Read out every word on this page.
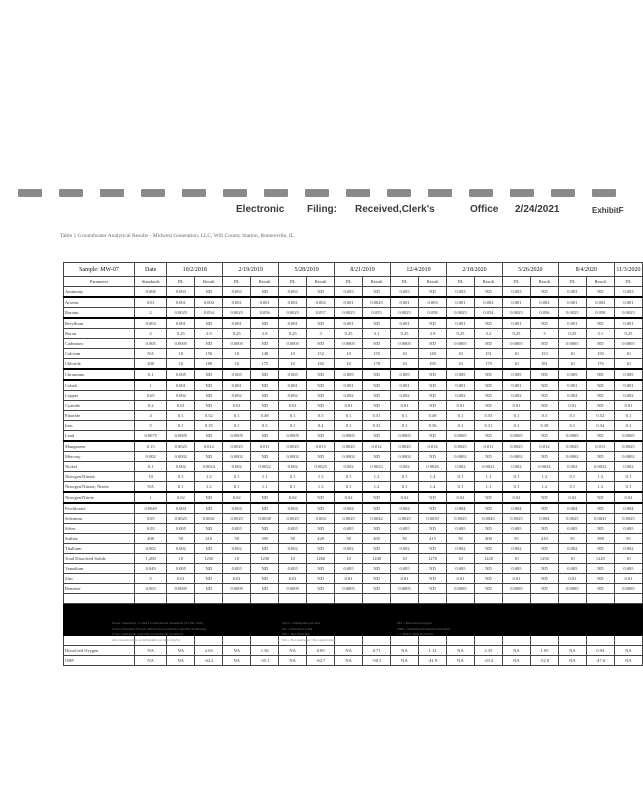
Electronic Filing: Received,Clerk's	Office 2/24/2021	ExhibitF
Table 1 Groundwater Analytical Results - Midwest Generation, LLC, Will County Station, Romeoville, IL
Sample: MW-07	Date	10/2/2018		2/19/2019		5/28/2019		8/21/2019		12/4/2019		2/18/2020		5/26/2020		8/4/2020		11/3/2020
Parameter	Standards	DL	Result	DL	Result	DL	Result	DL	Result	DL	Result	DL	Result	DL	Result	DL	Result	DL
Antimony	0.006	0.003	ND	0.003	ND	0.003	ND	0.003	ND	0.003	ND	0.003	ND	0.003	ND	0.003	ND	0.003
Arsenic	0.01	0.001	0.002	0.001	0.001	0.001	0.002	0.001	0.0025	0.001	0.003	0.001	0.002	0.001	0.002	0.001	0.002	0.001
Barium	2	0.0025	0.054	0.0025	0.056	0.0025	0.057	0.0025	0.055	0.0025	0.058	0.0025	0.054	0.0025	0.056	0.0025	0.058	0.0025
Beryllium	0.004	0.001	ND	0.001	ND	0.001	ND	0.001	ND	0.001	ND	0.001	ND	0.001	ND	0.001	ND	0.001
Boron	2	0.25	2.9	0.25	2.8	0.25	3	0.25	3.1	0.25	2.9	0.25	3.2	0.25	3	0.25	3.1	0.25
Cadmium	0.005	0.0005	ND	0.0005	ND	0.0005	ND	0.0005	ND	0.0005	ND	0.0005	ND	0.0005	ND	0.0005	ND	0.0005
Calcium	NA	10	150	10	148	10	152	10	155	10	149	10	151	10	153	10	150	10
Chloride	200	10	180	10	175	10	182	10	178	10	185	10	179	10	181	10	176	10
Chromium	0.1	0.005	ND	0.005	ND	0.005	ND	0.005	ND	0.005	ND	0.005	ND	0.005	ND	0.005	ND	0.005
Cobalt	1	0.001	ND	0.001	ND	0.001	ND	0.001	ND	0.001	ND	0.001	ND	0.001	ND	0.001	ND	0.001
Copper	0.65	0.002	ND	0.002	ND	0.002	ND	0.002	ND	0.002	ND	0.002	ND	0.002	ND	0.002	ND	0.002
Cyanide	0.2	0.01	ND	0.01	ND	0.01	ND	0.01	ND	0.01	ND	0.01	ND	0.01	ND	0.01	ND	0.01
Fluoride	4	0.1	0.52	0.1	0.48	0.1	0.5	0.1	0.51	0.1	0.49	0.1	0.53	0.1	0.5	0.1	0.52	0.1
Iron	5	0.1	0.35	0.1	0.3	0.1	0.4	0.1	0.33	0.1	0.36	0.1	0.31	0.1	0.38	0.1	0.34	0.1
Lead	0.0075	0.0005	ND	0.0005	ND	0.0005	ND	0.0005	ND	0.0005	ND	0.0005	ND	0.0005	ND	0.0005	ND	0.0005
Manganese	0.15	0.0025	0.012	0.0025	0.011	0.0025	0.013	0.0025	0.012	0.0025	0.014	0.0025	0.011	0.0025	0.012	0.0025	0.013	0.0025
Mercury	0.002	0.0002	ND	0.0002	ND	0.0002	ND	0.0002	ND	0.0002	ND	0.0002	ND	0.0002	ND	0.0002	ND	0.0002
Nickel	0.1	0.002	0.0024	0.002	0.0022	0.002	0.0025	0.002	0.0023	0.002	0.0026	0.002	0.0021	0.002	0.0024	0.002	0.0022	0.002
Nitrogen/Nitrate	10	0.1	1.2	0.1	1.1	0.1	1.3	0.1	1.2	0.1	1.4	0.1	1.1	0.1	1.2	0.1	1.3	0.1
Nitrogen/Nitrate, Nitrite	NA	0.1	1.2	0.1	1.1	0.1	1.3	0.1	1.2	0.1	1.4	0.1	1.1	0.1	1.2	0.1	1.3	0.1
Nitrogen/Nitrite	1	0.02	ND	0.02	ND	0.02	ND	0.02	ND	0.02	ND	0.02	ND	0.02	ND	0.02	ND	0.02
Perchlorate	0.0049	0.004	ND	0.004	ND	0.004	ND	0.004	ND	0.004	ND	0.004	ND	0.004	ND	0.004	ND	0.004
Selenium	0.05	0.0025	0.0041	0.0025	0.0038	0.0025	0.004	0.0025	0.0042	0.0025	0.0039	0.0025	0.0043	0.0025	0.004	0.0025	0.0041	0.0025
Silver	0.05	0.005	ND	0.005	ND	0.005	ND	0.005	ND	0.005	ND	0.005	ND	0.005	ND	0.005	ND	0.005
Sulfate	400	50	410	50	395	50	420	50	405	50	415	50	400	50	410	50	398	50
Thallium	0.002	0.002	ND	0.002	ND	0.002	ND	0.002	ND	0.002	ND	0.002	ND	0.002	ND	0.002	ND	0.002
Total Dissolved Solids	1,200	10	1250	10	1230	10	1260	10	1240	10	1270	10	1220	10	1250	10	1245	10
Vanadium	0.049	0.005	ND	0.005	ND	0.005	ND	0.005	ND	0.005	ND	0.005	ND	0.005	ND	0.005	ND	0.005
Zinc	5	0.01	ND	0.01	ND	0.01	ND	0.01	ND	0.01	ND	0.01	ND	0.01	ND	0.01	ND	0.01
Benzene	0.005	0.0005	ND	0.0005	ND	0.0005	ND	0.0005	ND	0.0005	ND	0.0005	ND	0.0005	ND	0.0005	ND	0.0005

Dissolved Oxygen	NA	NA	2.04	NA	1.36	NA	0.85	NA	0.71	NA	1.12	NA	2.35	NA	1.05	NA	0.94	NA
ORP	NA	NA	-44.2	NA	-35.1	NA	-62.7	NA	-58.3	NA	-41.9	NA	-29.4	NA	-52.8	NA	-47.6	NA
Notes: Standards = Class I Groundwater Standards (35 IAC 620)
Class I Standard 35 IAC 620.410 (Groundwater Quality Standards)
Class I Sulfate & Chloride Groundwater Standards
All concentrations in milligrams per liter (mg/L)
mg/L = milligrams per liter
DL = Detection Limit
ND = Not Detected
NA = Not Analyzed / Not Applicable
DO = Dissolved Oxygen
ORP = Oxidation Reduction Potential
< = Below detection limit
